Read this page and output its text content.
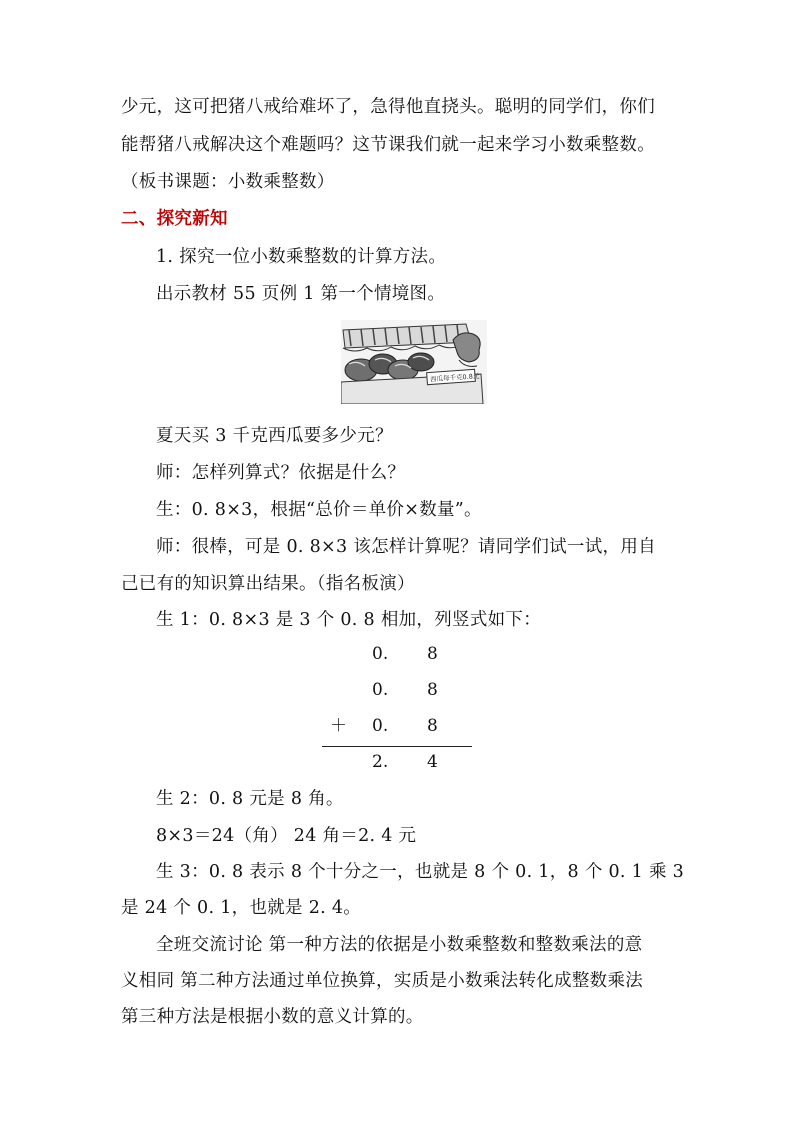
少元，这可把猪八戒给难坏了，急得他直挠头。聪明的同学们，你们
能帮猪八戒解决这个难题吗？这节课我们就一起来学习小数乘整数。
（板书课题：小数乘整数）
二、探究新知
1. 探究一位小数乘整数的计算方法。
出示教材 55 页例 1 第一个情境图。
西瓜每千克0.8元
夏天买 3 千克西瓜要多少元？
师：怎样列算式？依据是什么？
生：0. 8×3，根据“总价＝单价×数量”。
师：很棒，可是 0. 8×3 该怎样计算呢？请同学们试一试，用自
己已有的知识算出结果。（指名板演）
生 1：0. 8×3 是 3 个 0. 8 相加，列竖式如下：
0. 8
0. 8
＋ 0. 8
2. 4
生 2：0. 8 元是 8 角。
8×3＝24（角） 24 角＝2. 4 元
生 3：0. 8 表示 8 个十分之一，也就是 8 个 0. 1，8 个 0. 1 乘 3
是 24 个 0. 1，也就是 2. 4。
全班交流讨论 第一种方法的依据是小数乘整数和整数乘法的意
义相同 第二种方法通过单位换算，实质是小数乘法转化成整数乘法
第三种方法是根据小数的意义计算的。
